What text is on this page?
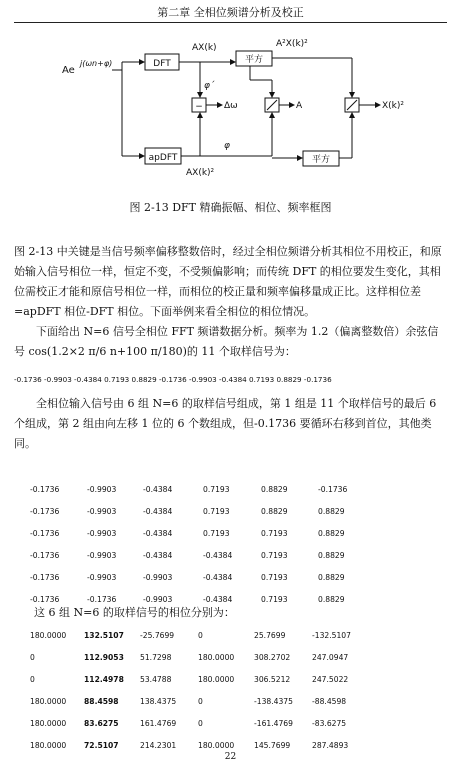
第二章 全相位频谱分析及校正
Ae
j(ωn+φ)	DFT
apDFT
平方
平方
−
AX(k)	A²X(k)²
AX(k)²
φ´
Δω
φ
A	X(k)²
图 2-13 DFT 精确振幅、相位、频率框图

图 2-13 中关键是当信号频率偏移整数倍时，经过全相位频谱分析其相位不用校正，和原始输入信号相位一样，恒定不变，不受频偏影响；而传统 DFT 的相位要发生变化，其相位需校正才能和原信号相位一样，而相位的校正量和频率偏移量成正比。这样相位差=apDFT 相位-DFT 相位。下面举例来看全相位的相位情况。

下面给出 N=6 信号全相位 FFT 频谱数据分析。频率为 1.2（偏离整数倍）余弦信号 cos(1.2×2 π/6 n+100 π/180)的 11 个取样信号为：

-0.1736 -0.9903 -0.4384 0.7193 0.8829 -0.1736 -0.9903 -0.4384 0.7193 0.8829 -0.1736

全相位输入信号由 6 组 N=6 的取样信号组成，第 1 组是 11 个取样信号的最后 6 个组成，第 2 组由向左移 1 位的 6 个数组成，但-0.1736 要循环右移到首位，其他类同。

-0.1736	-0.9903	-0.4384	0.7193	0.8829	-0.1736
-0.1736	-0.9903	-0.4384	0.7193	0.8829	0.8829
-0.1736	-0.9903	-0.4384	0.7193	0.7193	0.8829
-0.1736	-0.9903	-0.4384	-0.4384	0.7193	0.8829
-0.1736	-0.9903	-0.9903	-0.4384	0.7193	0.8829
-0.1736	-0.1736	-0.9903	-0.4384	0.7193	0.8829

这 6 组 N=6 的取样信号的相位分别为：

180.0000	132.5107	-25.7699	0	25.7699	-132.5107
0	112.9053	51.7298	180.0000	308.2702	247.0947
0	112.4978	53.4788	180.0000	306.5212	247.5022
180.0000	88.4598	138.4375	0	-138.4375	-88.4598
180.0000	83.6275	161.4769	0	-161.4769	-83.6275
180.0000	72.5107	214.2301	180.0000	145.7699	287.4893
22
